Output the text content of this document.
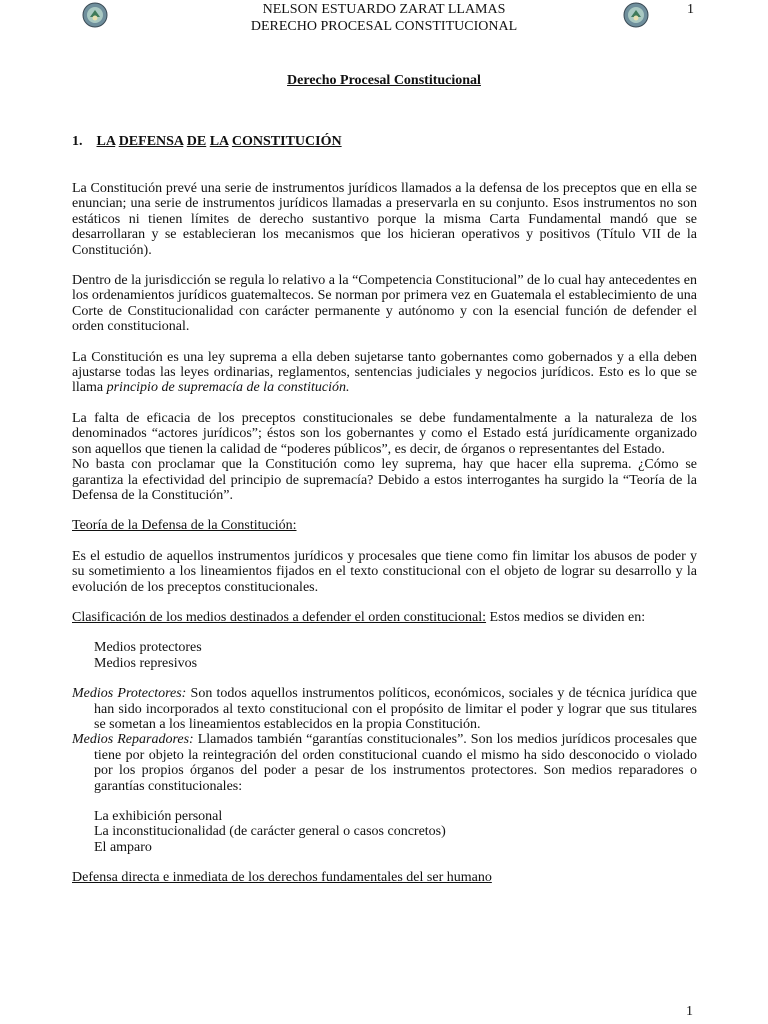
NELSON ESTUARDO ZARAT LLAMAS
DERECHO PROCESAL CONSTITUCIONAL
1
Derecho Procesal Constitucional
1. LA DEFENSA DE LA CONSTITUCIÓN

La Constitución prevé una serie de instrumentos jurídicos llamados a la defensa de los preceptos que en ella se enuncian; una serie de instrumentos jurídicos llamadas a preservarla en su conjunto. Esos instrumentos no son estáticos ni tienen límites de derecho sustantivo porque la misma Carta Fundamental mandó que se desarrollaran y se establecieran los mecanismos que los hicieran operativos y positivos (Título VII de la Constitución).

Dentro de la jurisdicción se regula lo relativo a la “Competencia Constitucional” de lo cual hay antecedentes en los ordenamientos jurídicos guatemaltecos. Se norman por primera vez en Guatemala el establecimiento de una Corte de Constitucionalidad con carácter permanente y autónomo y con la esencial función de defender el orden constitucional.

La Constitución es una ley suprema a ella deben sujetarse tanto gobernantes como gobernados y a ella deben ajustarse todas las leyes ordinarias, reglamentos, sentencias judiciales y negocios jurídicos. Esto es lo que se llama principio de supremacía de la constitución.

La falta de eficacia de los preceptos constitucionales se debe fundamentalmente a la naturaleza de los denominados “actores jurídicos”; éstos son los gobernantes y como el Estado está jurídicamente organizado son aquellos que tienen la calidad de “poderes públicos”, es decir, de órganos o representantes del Estado.

No basta con proclamar que la Constitución como ley suprema, hay que hacer ella suprema. ¿Cómo se garantiza la efectividad del principio de supremacía? Debido a estos interrogantes ha surgido la “Teoría de la Defensa de la Constitución”.

Teoría de la Defensa de la Constitución:

Es el estudio de aquellos instrumentos jurídicos y procesales que tiene como fin limitar los abusos de poder y su sometimiento a los lineamientos fijados en el texto constitucional con el objeto de lograr su desarrollo y la evolución de los preceptos constitucionales.

Clasificación de los medios destinados a defender el orden constitucional: Estos medios se dividen en:

Medios protectores
Medios represivos

Medios Protectores: Son todos aquellos instrumentos políticos, económicos, sociales y de técnica jurídica que han sido incorporados al texto constitucional con el propósito de limitar el poder y lograr que sus titulares se sometan a los lineamientos establecidos en la propia Constitución.

Medios Reparadores: Llamados también “garantías constitucionales”. Son los medios jurídicos procesales que tiene por objeto la reintegración del orden constitucional cuando el mismo ha sido desconocido o violado por los propios órganos del poder a pesar de los instrumentos protectores. Son medios reparadores o garantías constitucionales:

La exhibición personal
La inconstitucionalidad (de carácter general o casos concretos)
El amparo

Defensa directa e inmediata de los derechos fundamentales del ser humano

1
